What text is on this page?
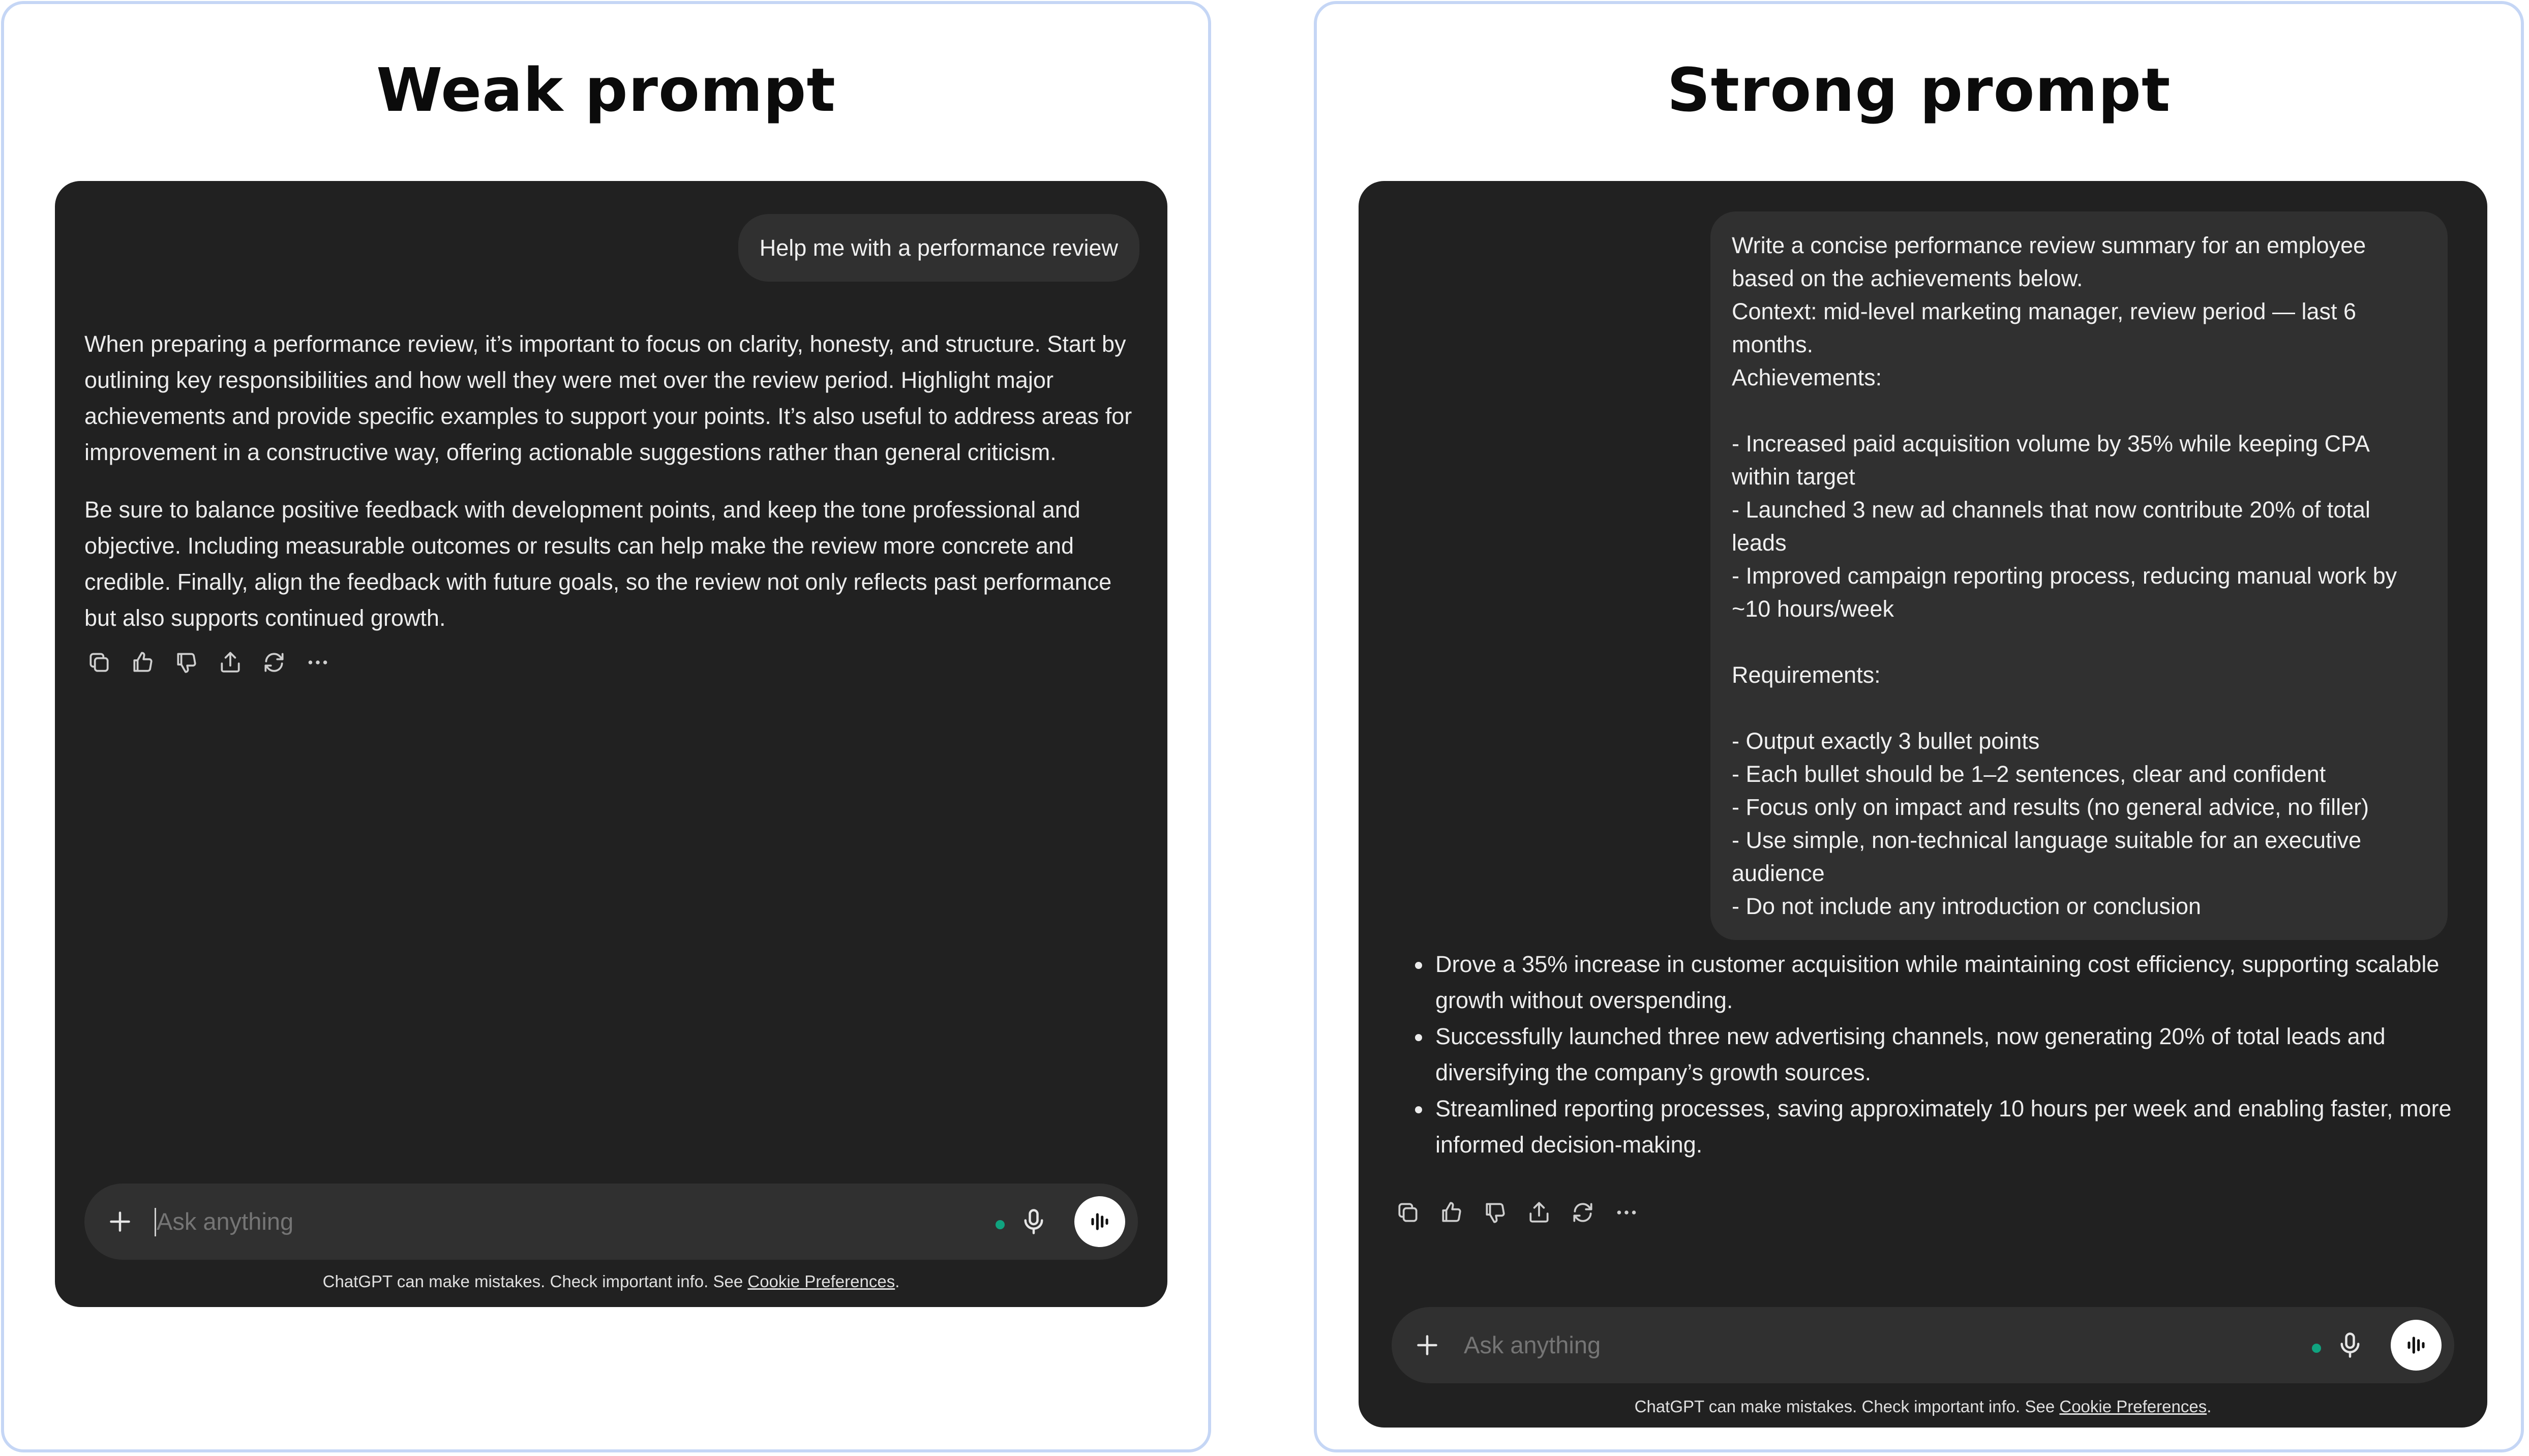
Weak prompt
Help me with a performance review

When preparing a performance review, it’s important to focus on clarity, honesty, and structure. Start by outlining key responsibilities and how well they were met over the review period. Highlight major achievements and provide specific examples to support your points. It’s also useful to address areas for improvement in a constructive way, offering actionable suggestions rather than general criticism.

Be sure to balance positive feedback with development points, and keep the tone professional and objective. Including measurable outcomes or results can help make the review more concrete and credible. Finally, align the feedback with future goals, so the review not only reflects past performance but also supports continued growth.

Ask anything
ChatGPT can make mistakes. Check important info. See Cookie Preferences.
Strong prompt
Write a concise performance review summary for an employee based on the achievements below.
Context: mid-level marketing manager, review period — last 6 months.
Achievements:

- Increased paid acquisition volume by 35% while keeping CPA within target
- Launched 3 new ad channels that now contribute 20% of total leads
- Improved campaign reporting process, reducing manual work by ~10 hours/week

Requirements:

- Output exactly 3 bullet points
- Each bullet should be 1–2 sentences, clear and confident
- Focus only on impact and results (no general advice, no filler)
- Use simple, non-technical language suitable for an executive audience
- Do not include any introduction or conclusion
• Drove a 35% increase in customer acquisition while maintaining cost efficiency, supporting scalable growth without overspending.
• Successfully launched three new advertising channels, now generating 20% of total leads and diversifying the company’s growth sources.
• Streamlined reporting processes, saving approximately 10 hours per week and enabling faster, more informed decision-making.
Ask anything
ChatGPT can make mistakes. Check important info. See Cookie Preferences.
